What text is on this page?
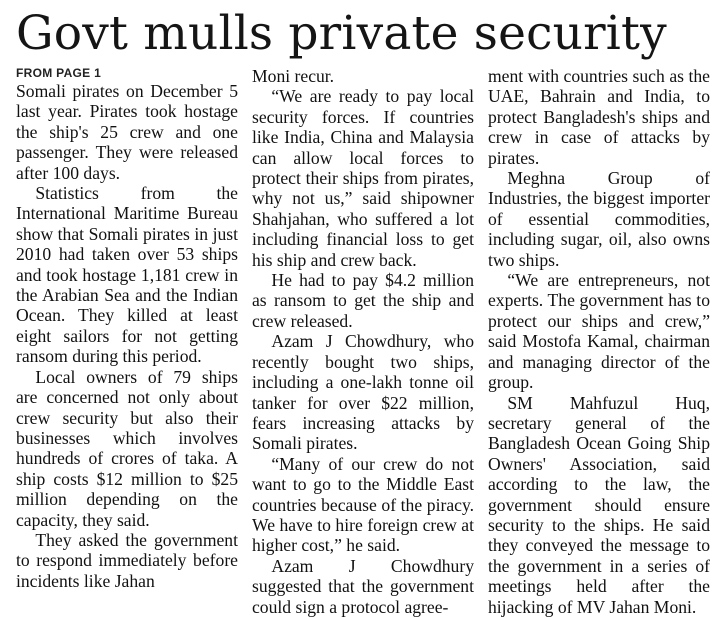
Govt mulls private security
FROM PAGE 1

Somali pirates on December 5 last year. Pirates took hostage the ship's 25 crew and one passenger. They were released after 100 days.

Statistics from the International Maritime Bureau show that Somali pirates in just 2010 had taken over 53 ships and took hostage 1,181 crew in the Arabian Sea and the Indian Ocean. They killed at least eight sailors for not getting ransom during this period.

Local owners of 79 ships are concerned not only about crew security but also their businesses which involves hundreds of crores of taka. A ship costs $12 million to $25 million depending on the capacity, they said.

They asked the government to respond immediately before incidents like Jahan

Moni recur.

“We are ready to pay local security forces. If countries like India, China and Malaysia can allow local forces to protect their ships from pirates, why not us,” said shipowner Shahjahan, who suffered a lot including financial loss to get his ship and crew back.

He had to pay $4.2 million as ransom to get the ship and crew released.

Azam J Chowdhury, who recently bought two ships, including a one-lakh tonne oil tanker for over $22 million, fears increasing attacks by Somali pirates.

“Many of our crew do not want to go to the Middle East countries because of the piracy. We have to hire foreign crew at higher cost,” he said.

Azam J Chowdhury suggested that the government could sign a protocol agree-

ment with countries such as the UAE, Bahrain and India, to protect Bangladesh's ships and crew in case of attacks by pirates.

Meghna Group of Industries, the biggest importer of essential commodities, including sugar, oil, also owns two ships.

“We are entrepreneurs, not experts. The government has to protect our ships and crew,” said Mostofa Kamal, chairman and managing director of the group.

SM Mahfuzul Huq, secretary general of the Bangladesh Ocean Going Ship Owners' Association, said according to the law, the government should ensure security to the ships. He said they conveyed the message to the government in a series of meetings held after the hijacking of MV Jahan Moni.
